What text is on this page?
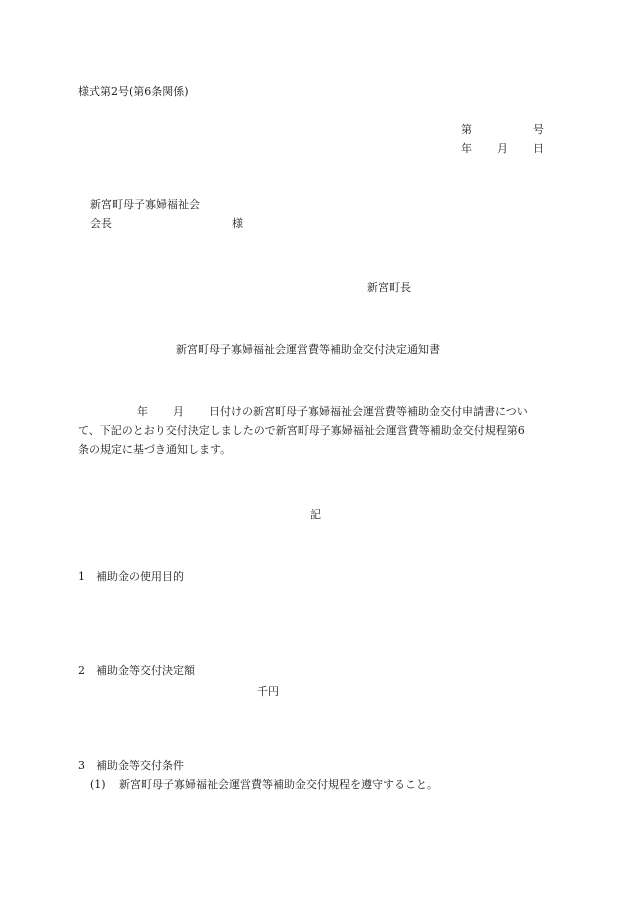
様式第2号(第6条関係)
第	号
年 月 日
新宮町母子寡婦福祉会
会長	様
新宮町長
新宮町母子寡婦福祉会運営費等補助金交付決定通知書
年 月 日付けの新宮町母子寡婦福祉会運営費等補助金交付申請書につい
て、下記のとおり交付決定しましたので新宮町母子寡婦福祉会運営費等補助金交付規程第6
条の規定に基づき通知します。
記
1 補助金の使用目的
2 補助金等交付決定額
千円
3 補助金等交付条件
(1) 新宮町母子寡婦福祉会運営費等補助金交付規程を遵守すること。
